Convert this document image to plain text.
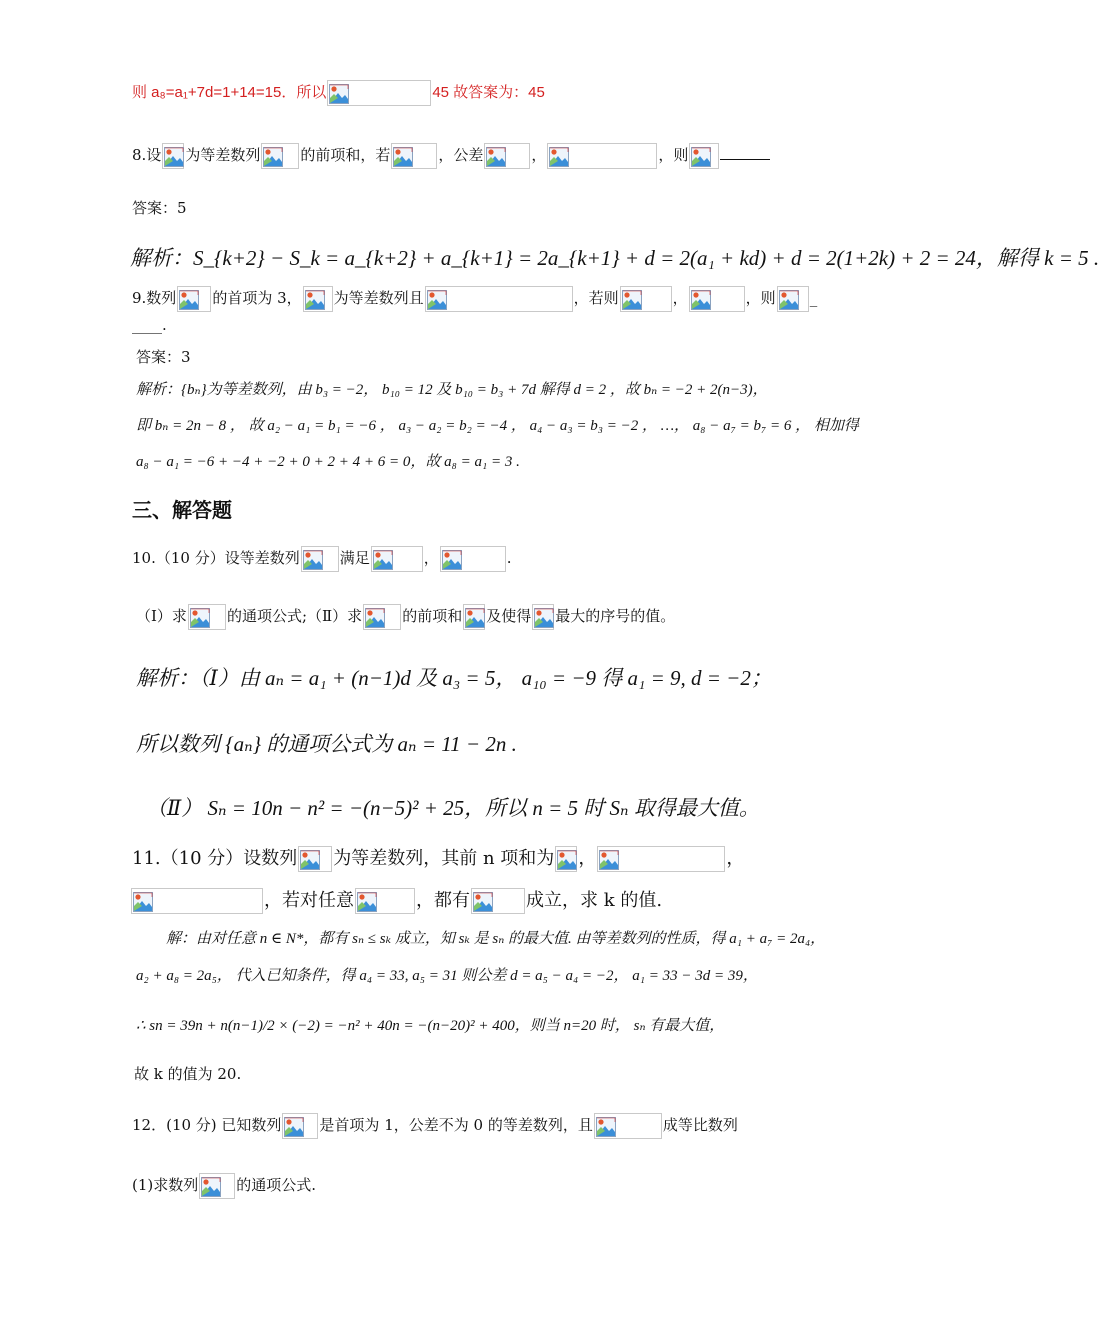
则 a₈=a₁+7d=1+14=15．所以	45 故答案为：45
8.设 为等差数列	的前项和，若	，公差	，	，则
答案：5
解析：S_{k+2} − S_k = a_{k+2} + a_{k+1} = 2a_{k+1} + d = 2(a₁ + kd) + d = 2(1+2k) + 2 = 24，解得 k = 5 .
9.数列 的首项为 3， 为等差数列且	，若则	，	，则 _
____.
答案：3
解析：{bₙ}为等差数列，由 b₃ = −2， b₁₀ = 12 及 b₁₀ = b₃ + 7d 解得 d = 2 ，故 bₙ = −2 + 2(n−3)，
即 bₙ = 2n − 8 ， 故 a₂ − a₁ = b₁ = −6 ， a₃ − a₂ = b₂ = −4 ， a₄ − a₃ = b₃ = −2 ， …， a₈ − a₇ = b₇ = 6 ， 相加得
a₈ − a₁ = −6 + −4 + −2 + 0 + 2 + 4 + 6 = 0，故 a₈ = a₁ = 3 .
三、解答题
10.（10 分）设等差数列	满足	，	.
（Ⅰ）求	的通项公式;（Ⅱ）求	的前项和 及使得 最大的序号的值。
解析：（Ⅰ）由 aₙ = a₁ + (n−1)d 及 a₃ = 5， a₁₀ = −9 得 a₁ = 9, d = −2；
所以数列 {aₙ} 的通项公式为 aₙ = 11 − 2n .
（Ⅱ） Sₙ = 10n − n² = −(n−5)² + 25，所以 n = 5 时 Sₙ 取得最大值。
11.（10 分）设数列 为等差数列，其前 n 项和为 ，	，
，若对任意	，都有	成立，求 k 的值.
解：由对任意 n ∈ N*，都有 sₙ ≤ sₖ 成立，知 sₖ 是 sₙ 的最大值. 由等差数列的性质，得 a₁ + a₇ = 2a₄，
a₂ + a₈ = 2a₅， 代入已知条件，得 a₄ = 33, a₅ = 31 则公差 d = a₅ − a₄ = −2， a₁ = 33 − 3d = 39，
∴ sn = 39n + n(n−1)/2 × (−2) = −n² + 40n = −(n−20)² + 400，则当 n=20 时， sₙ 有最大值，
故 k 的值为 20.
12．(10 分) 已知数列	是首项为 1，公差不为 0 的等差数列，且	成等比数列
(1)求数列	的通项公式.
